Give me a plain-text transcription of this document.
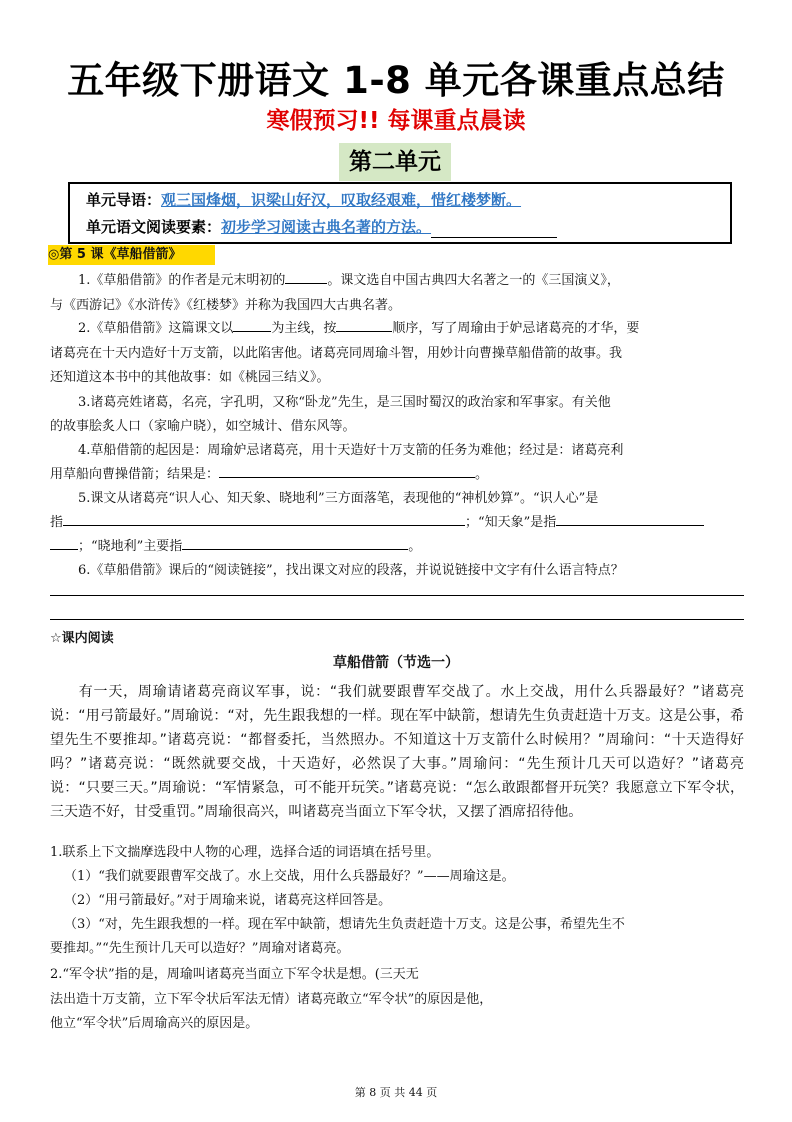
五年级下册语文 1-8 单元各课重点总结
寒假预习!! 每课重点晨读
第二单元
单元导语：观三国烽烟，识梁山好汉，叹取经艰难，惜红楼梦断。
单元语文阅读要素：初步学习阅读古典名著的方法。
◎第 5 课《草船借箭》
1.《草船借箭》的作者是元末明初的	。课文选自中国古典四大名著之一的《三国演义》，
与《西游记》《水浒传》《红楼梦》并称为我国四大古典名著。
2.《草船借箭》这篇课文以	为主线，按	顺序，写了周瑜由于妒忌诸葛亮的才华，要
诸葛亮在十天内造好十万支箭，以此陷害他。诸葛亮同周瑜斗智，用妙计向曹操草船借箭的故事。我
还知道这本书中的其他故事：如《桃园三结义》。
3.诸葛亮姓诸葛，名亮，字孔明，又称“卧龙”先生，是三国时蜀汉的政治家和军事家。有关他
的故事脍炙人口（家喻户晓），如空城计、借东风等。
4.草船借箭的起因是：周瑜妒忌诸葛亮，用十天造好十万支箭的任务为难他；经过是：诸葛亮利
用草船向曹操借箭；结果是：	。
5.课文从诸葛亮“识人心、知天象、晓地利”三方面落笔，表现他的“神机妙算”。“识人心”是
指	；“知天象”是指
；“晓地利”主要指	。
6.《草船借箭》课后的“阅读链接”，找出课文对应的段落，并说说链接中文字有什么语言特点？
☆课内阅读
草船借箭（节选一）
有一天，周瑜请诸葛亮商议军事，说：“我们就要跟曹军交战了。水上交战，用什么兵器最好？”诸葛亮说：“用弓箭最好。”周瑜说：“对，先生跟我想的一样。现在军中缺箭，想请先生负责赶造十万支。这是公事，希望先生不要推却。”诸葛亮说：“都督委托，当然照办。不知道这十万支箭什么时候用？”周瑜问：“十天造得好吗？”诸葛亮说：“既然就要交战，十天造好，必然误了大事。”周瑜问：“先生预计几天可以造好？”诸葛亮说：“只要三天。”周瑜说：“军情紧急，可不能开玩笑。”诸葛亮说：“怎么敢跟都督开玩笑？我愿意立下军令状，三天造不好，甘受重罚。”周瑜很高兴，叫诸葛亮当面立下军令状，又摆了酒席招待他。
1.联系上下文揣摩选段中人物的心理，选择合适的词语填在括号里。
（1）“我们就要跟曹军交战了。水上交战，用什么兵器最好？”——周瑜这是。
（2）“用弓箭最好。”对于周瑜来说，诸葛亮这样回答是。
（3）“对，先生跟我想的一样。现在军中缺箭，想请先生负责赶造十万支。这是公事，希望先生不
要推却。”“先生预计几天可以造好？”周瑜对诸葛亮。
2.“军令状”指的是，周瑜叫诸葛亮当面立下军令状是想。(三天无
法出造十万支箭，立下军令状后军法无情）诸葛亮敢立“军令状”的原因是他，
他立“军令状”后周瑜高兴的原因是。
第 8 页 共 44 页
